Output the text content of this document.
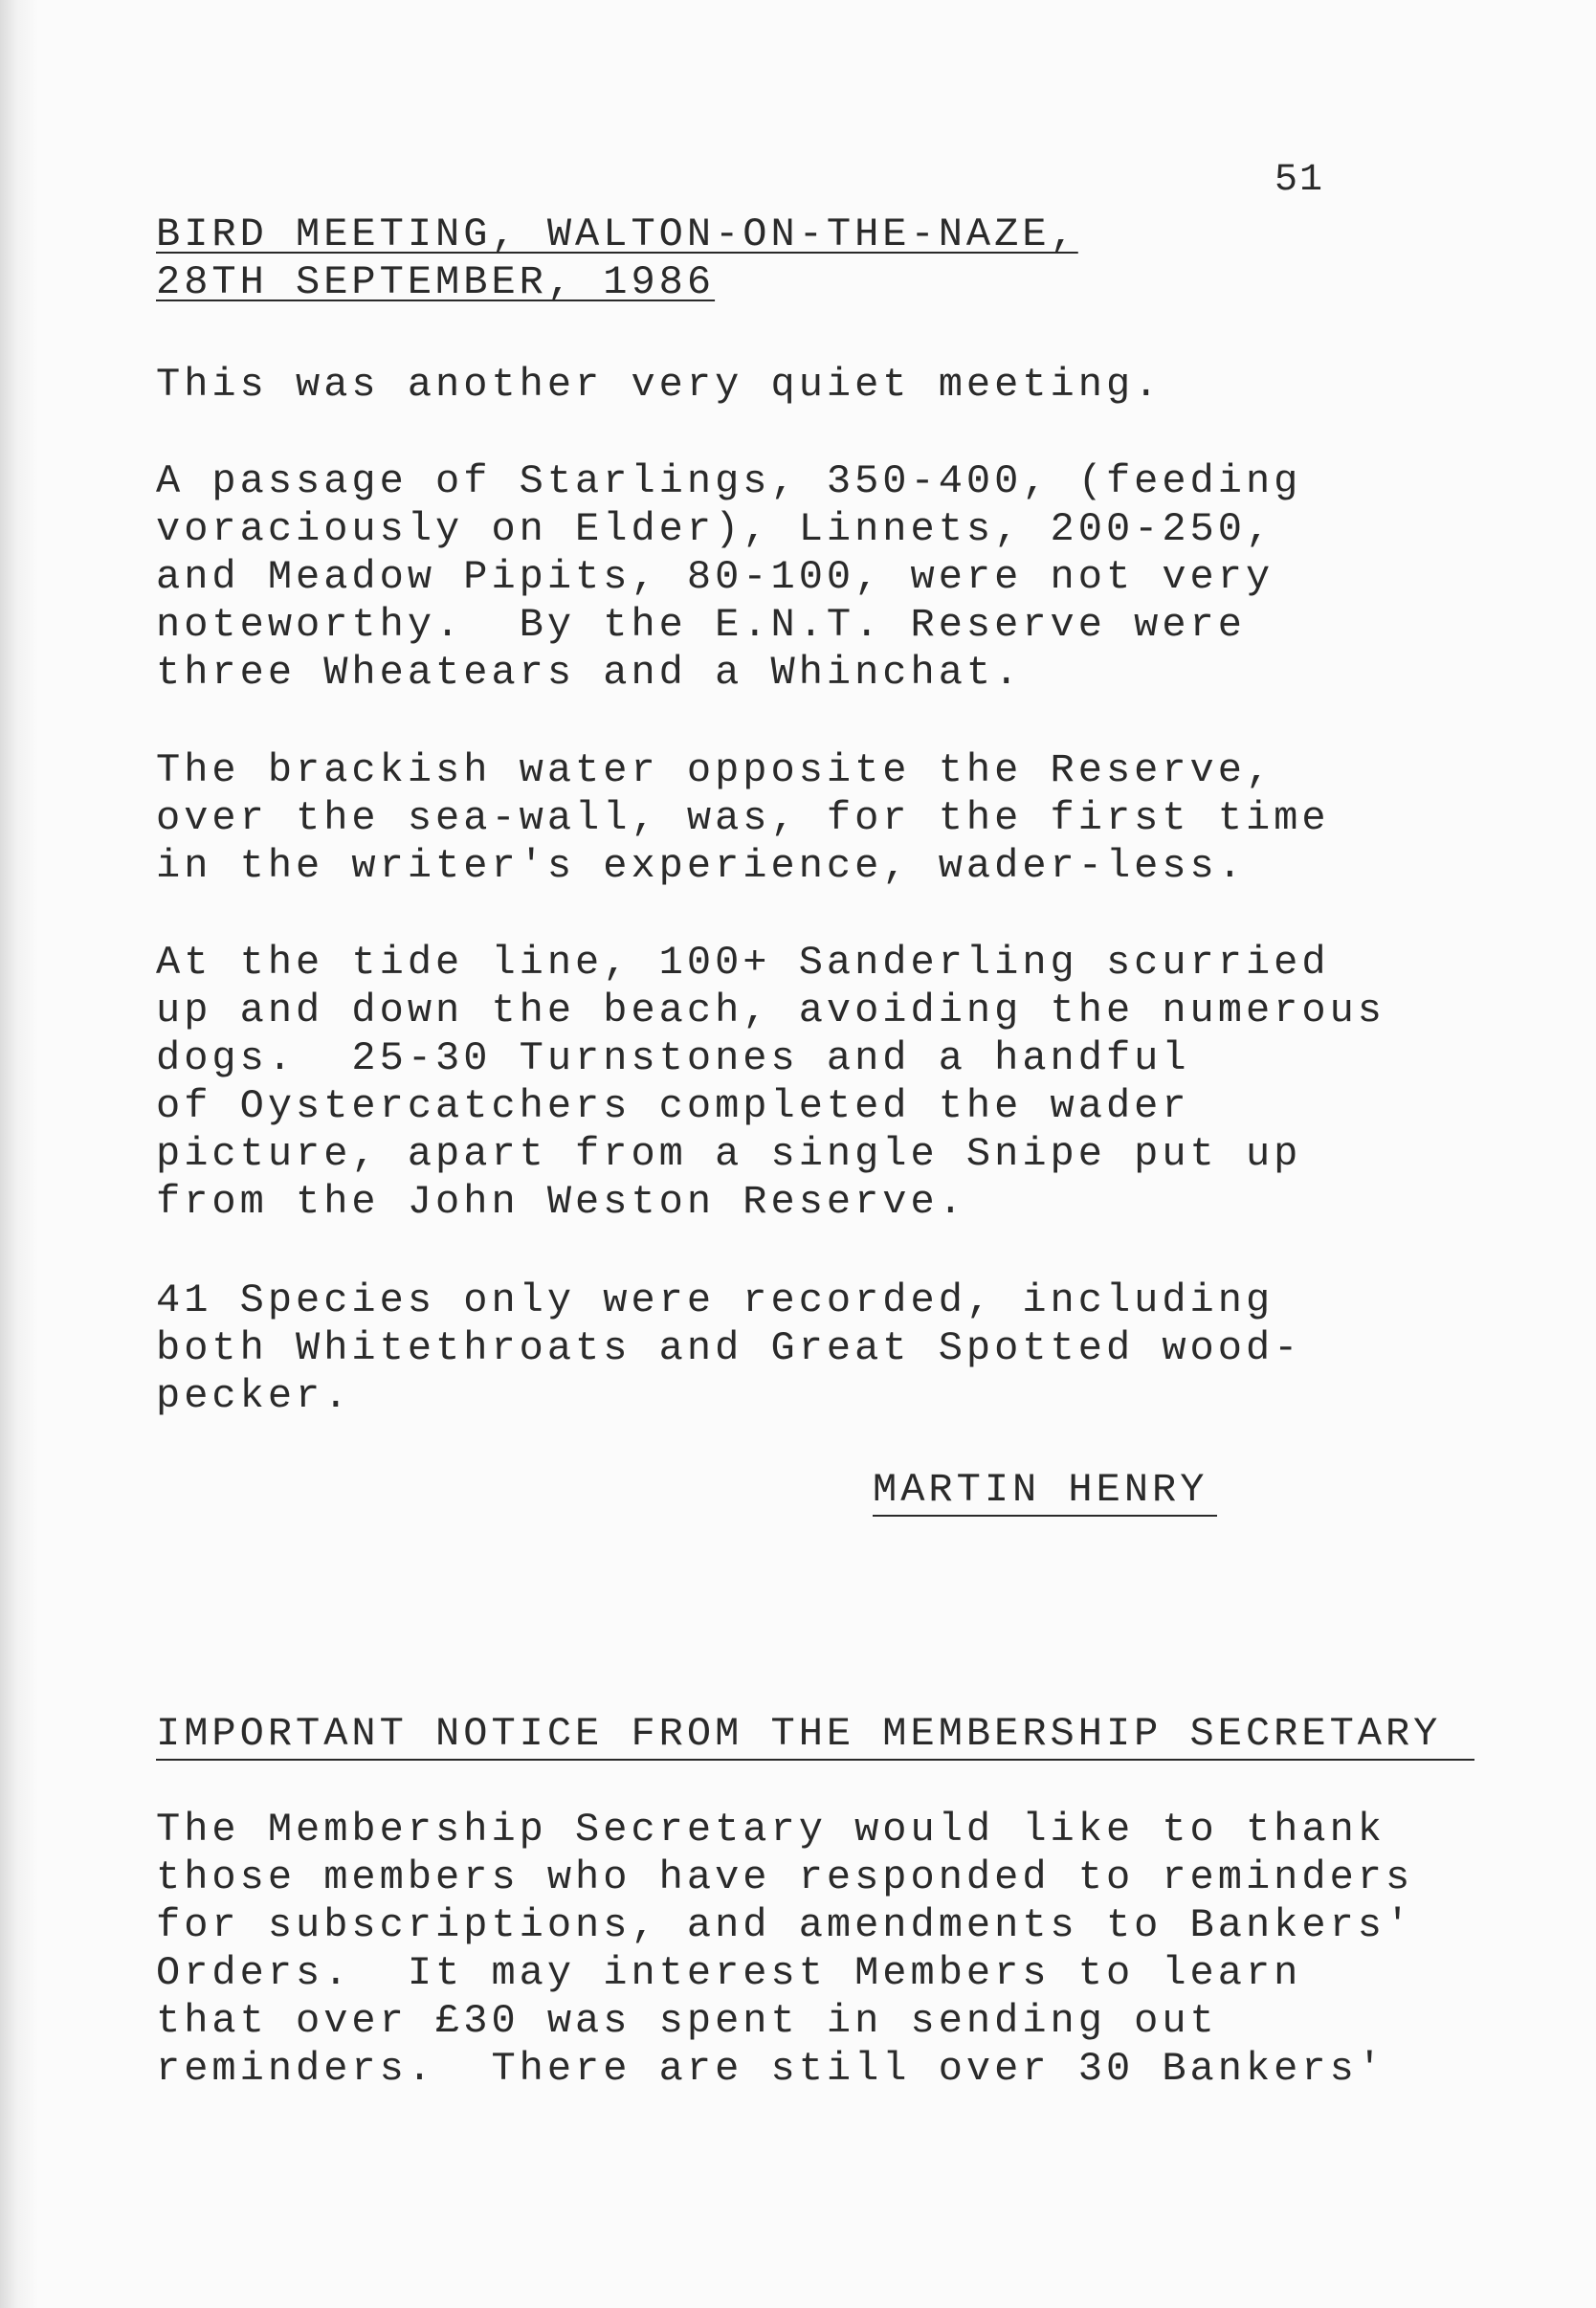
51
BIRD MEETING, WALTON-ON-THE-NAZE,
28TH SEPTEMBER, 1986
This was another very quiet meeting.
A passage of Starlings, 350-400, (feeding
voraciously on Elder), Linnets, 200-250,
and Meadow Pipits, 80-100, were not very
noteworthy.  By the E.N.T. Reserve were
three Wheatears and a Whinchat.
The brackish water opposite the Reserve,
over the sea-wall, was, for the first time
in the writer's experience, wader-less.
At the tide line, 100+ Sanderling scurried
up and down the beach, avoiding the numerous
dogs.  25-30 Turnstones and a handful
of Oystercatchers completed the wader
picture, apart from a single Snipe put up
from the John Weston Reserve.
41 Species only were recorded, including
both Whitethroats and Great Spotted wood-
pecker.
MARTIN HENRY
IMPORTANT NOTICE FROM THE MEMBERSHIP SECRETARY
The Membership Secretary would like to thank
those members who have responded to reminders
for subscriptions, and amendments to Bankers'
Orders.  It may interest Members to learn
that over £30 was spent in sending out
reminders.  There are still over 30 Bankers'
